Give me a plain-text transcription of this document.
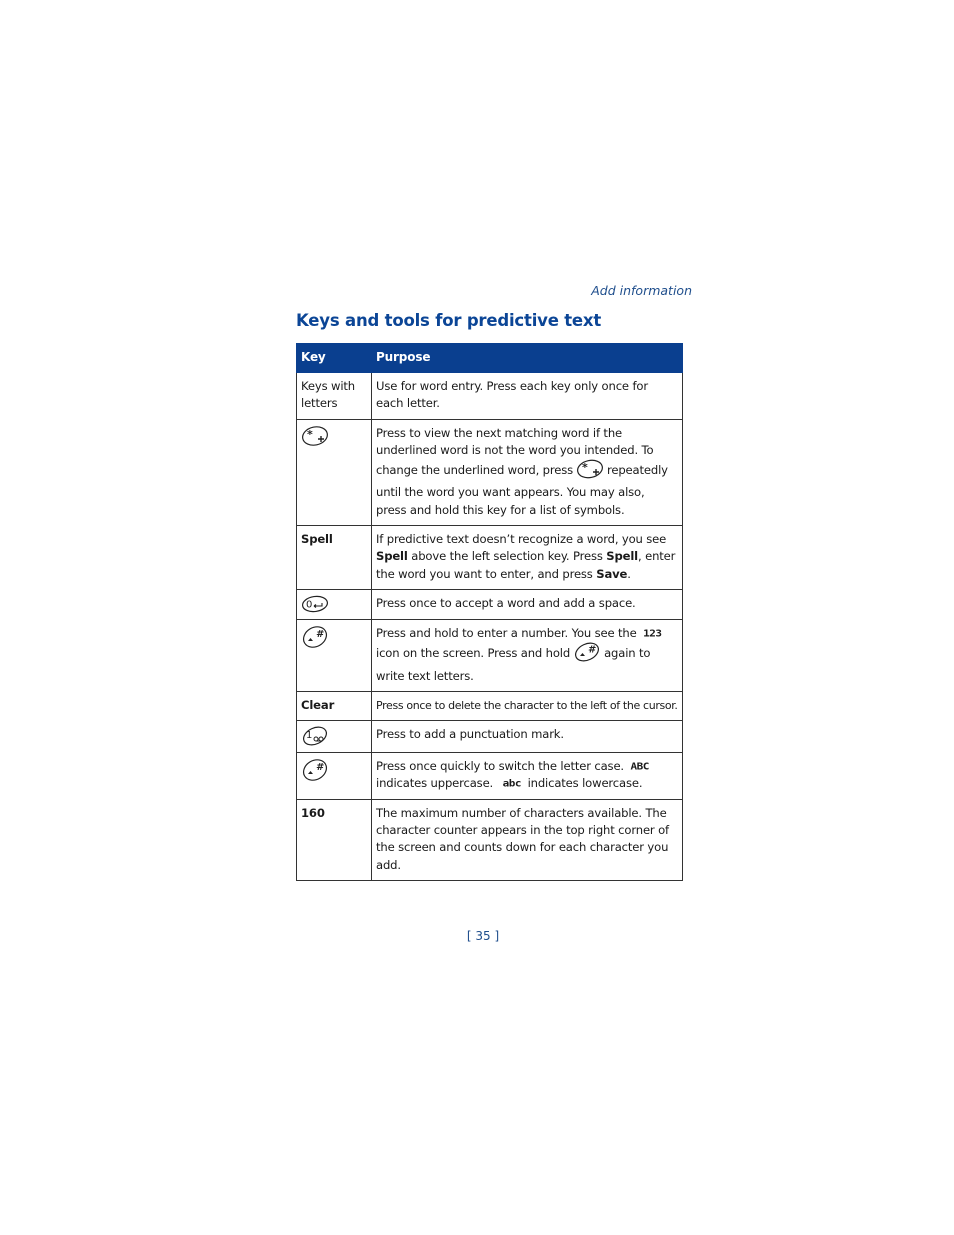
Add information
Keys and tools for predictive text
Key	Purpose
Keys with letters	Use for word entry. Press each key only once for each letter.

*	Press to view the next matching word if the underlined word is not the word you intended. To change the underlined word, press * repeatedly until the word you want appears. You may also, press and hold this key for a list of symbols.
Spell	If predictive text doesn’t recognize a word, you see Spell above the left selection key. Press Spell, enter the word you want to enter, and press Save.

0	Press once to accept a word and add a space.

#	Press and hold to enter a number. You see the 123 icon on the screen. Press and hold # again to write text letters.
Clear	Press once to delete the character to the left of the cursor.

1	Press to add a punctuation mark.

#	Press once quickly to switch the letter case. ABC indicates uppercase. abc indicates lowercase.
160	The maximum number of characters available. The character counter appears in the top right corner of the screen and counts down for each character you add.
[ 35 ]
